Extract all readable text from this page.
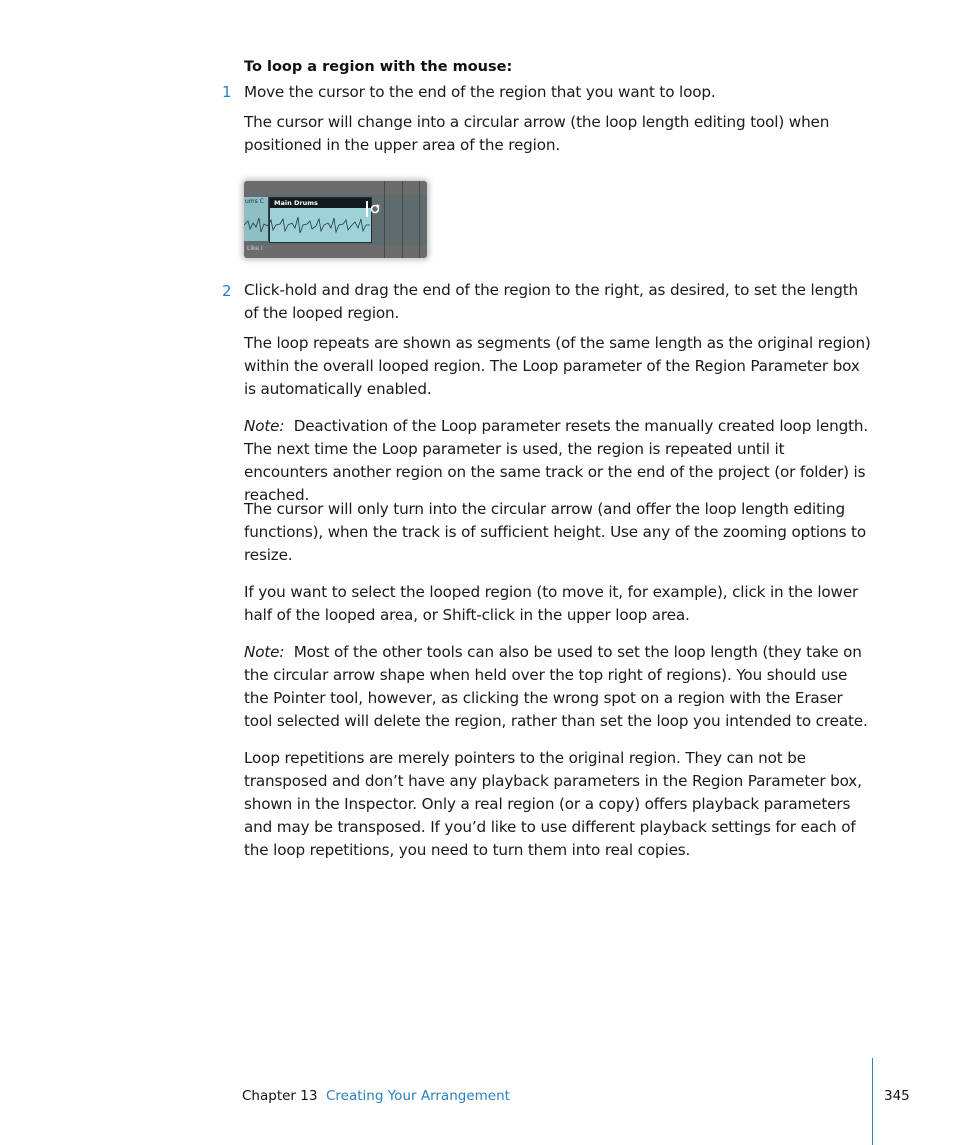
To loop a region with the mouse:
1 Move the cursor to the end of the region that you want to loop.
The cursor will change into a circular arrow (the loop length editing tool) when positioned in the upper area of the region.
ums C Main Drums
Like I
2 Click-hold and drag the end of the region to the right, as desired, to set the length of the looped region.
The loop repeats are shown as segments (of the same length as the original region) within the overall looped region. The Loop parameter of the Region Parameter box is automatically enabled.
Note: Deactivation of the Loop parameter resets the manually created loop length. The next time the Loop parameter is used, the region is repeated until it encounters another region on the same track or the end of the project (or folder) is reached.
The cursor will only turn into the circular arrow (and offer the loop length editing functions), when the track is of sufficient height. Use any of the zooming options to resize.
If you want to select the looped region (to move it, for example), click in the lower half of the looped area, or Shift-click in the upper loop area.
Note: Most of the other tools can also be used to set the loop length (they take on the circular arrow shape when held over the top right of regions). You should use the Pointer tool, however, as clicking the wrong spot on a region with the Eraser tool selected will delete the region, rather than set the loop you intended to create.
Loop repetitions are merely pointers to the original region. They can not be transposed and don’t have any playback parameters in the Region Parameter box, shown in the Inspector. Only a real region (or a copy) offers playback parameters and may be transposed. If you’d like to use different playback settings for each of the loop repetitions, you need to turn them into real copies.
Chapter 13 Creating Your Arrangement	345
